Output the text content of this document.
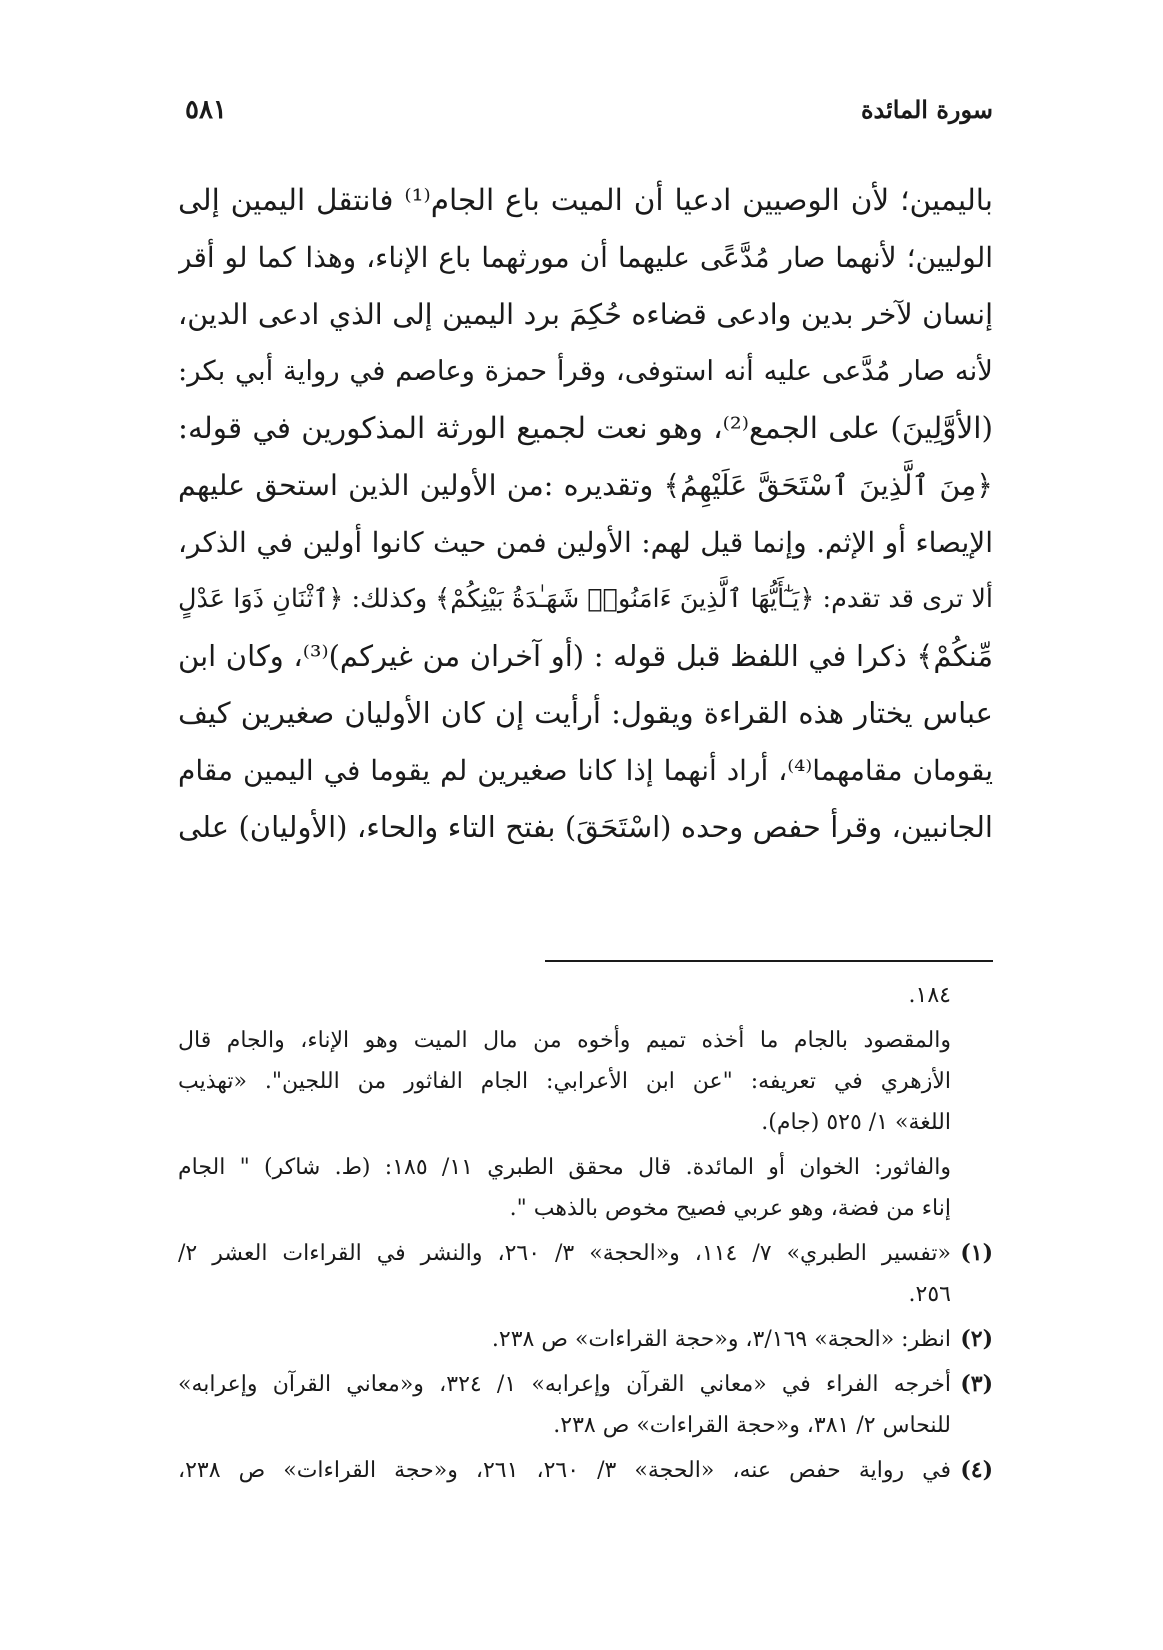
سورة المائدة
٥٨١
باليمين؛ لأن الوصيين ادعيا أن الميت باع الجام⁽¹⁾ فانتقل اليمين إلى
الوليين؛ لأنهما صار مُدَّعًى عليهما أن مورثهما باع الإناء، وهذا كما لو أقر
إنسان لآخر بدين وادعى قضاءه حُكِمَ برد اليمين إلى الذي ادعى الدين،
لأنه صار مُدَّعى عليه أنه استوفى، وقرأ حمزة وعاصم في رواية أبي بكر:
(الأوَّلِينَ) على الجمع⁽²⁾، وهو نعت لجميع الورثة المذكورين في قوله:
﴿مِنَ ٱلَّذِينَ ٱسْتَحَقَّ عَلَيْهِمُ﴾ وتقديره :من الأولين الذين استحق عليهم
الإيصاء أو الإثم. وإنما قيل لهم: الأولين فمن حيث كانوا أولين في الذكر،
ألا ترى قد تقدم: ﴿يَـٰٓأَيُّهَا ٱلَّذِينَ ءَامَنُوا۟ شَهَـٰدَةُ بَيْنِكُمْ﴾ وكذلك: ﴿ٱثْنَانِ ذَوَا عَدْلٍ
مِّنكُمْ﴾ ذكرا في اللفظ قبل قوله : (أو آخران من غيركم)⁽³⁾، وكان ابن
عباس يختار هذه القراءة ويقول: أرأيت إن كان الأوليان صغيرين كيف
يقومان مقامهما⁽⁴⁾، أراد أنهما إذا كانا صغيرين لم يقوما في اليمين مقام
الجانبين، وقرأ حفص وحده (اسْتَحَقَ) بفتح التاء والحاء، (الأوليان) على
١٨٤.
والمقصود بالجام ما أخذه تميم وأخوه من مال الميت وهو الإناء، والجام قال
الأزهري في تعريفه: "عن ابن الأعرابي: الجام الفاثور من اللجين". «تهذيب
اللغة» ١/ ٥٢٥ (جام).
والفاثور: الخوان أو المائدة. قال محقق الطبري ١١/ ١٨٥: (ط. شاكر) " الجام
إناء من فضة، وهو عربي فصيح مخوص بالذهب ".
(١)
«تفسير الطبري» ٧/ ١١٤، و«الحجة» ٣/ ٢٦٠، والنشر في القراءات العشر ٢/
٢٥٦.
(٢)
انظر: «الحجة» ٣/١٦٩، و«حجة القراءات» ص ٢٣٨.
(٣)
أخرجه الفراء في «معاني القرآن وإعرابه» ١/ ٣٢٤، و«معاني القرآن وإعرابه»
للنحاس ٢/ ٣٨١، و«حجة القراءات» ص ٢٣٨.
(٤)
في رواية حفص عنه، «الحجة» ٣/ ٢٦٠، ٢٦١، و«حجة القراءات» ص ٢٣٨،
